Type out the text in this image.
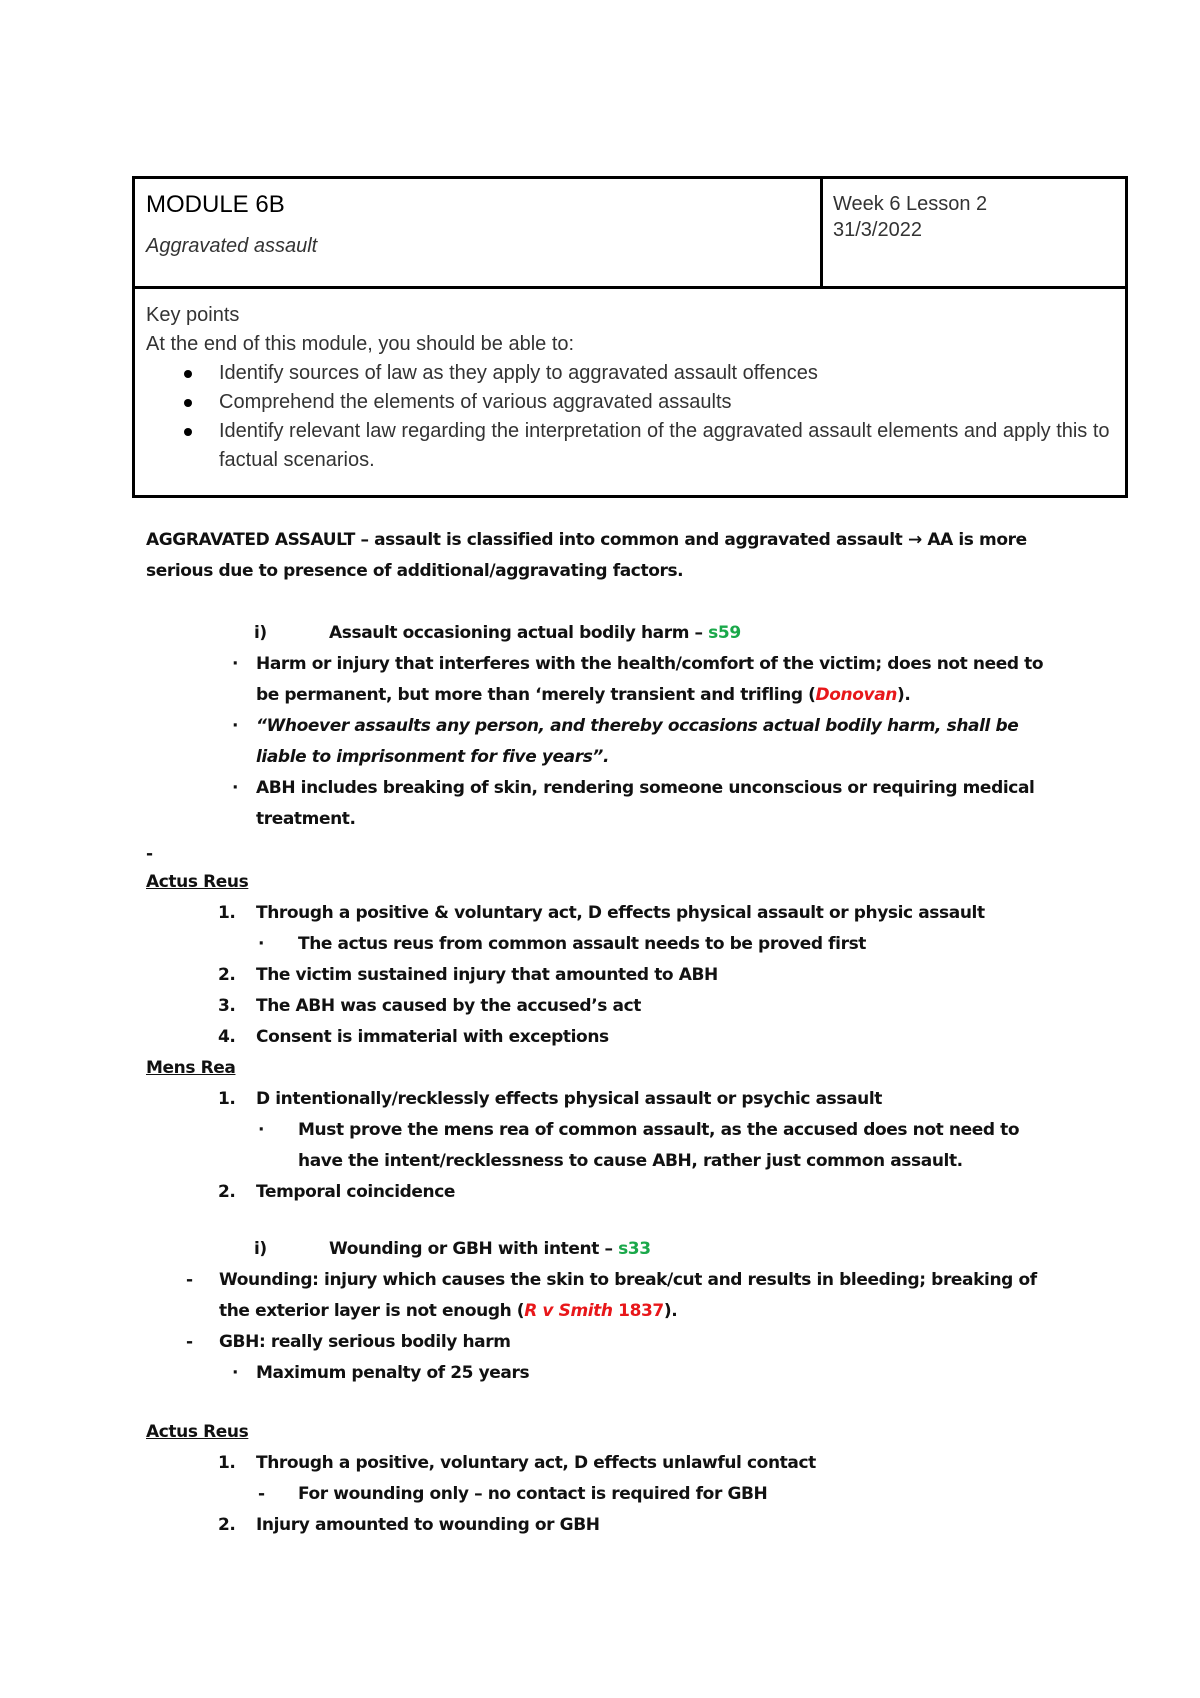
MODULE 6B
Aggravated assault
Week 6 Lesson 2
31/3/2022
Key points
At the end of this module, you should be able to:
Identify sources of law as they apply to aggravated assault offences
Comprehend the elements of various aggravated assaults
Identify relevant law regarding the interpretation of the aggravated assault elements and apply this to factual scenarios.

AGGRAVATED ASSAULT – assault is classified into common and aggravated assault → AA is more serious due to presence of additional/aggravating factors.

i)	Assault occasioning actual bodily harm – s59

· Harm or injury that interferes with the health/comfort of the victim; does not need to be permanent, but more than ‘merely transient and trifling (Donovan).

· “Whoever assaults any person, and thereby occasions actual bodily harm, shall be liable to imprisonment for five years”.

· ABH includes breaking of skin, rendering someone unconscious or requiring medical treatment.

-

Actus Reus

1. Through a positive & voluntary act, D effects physical assault or physic assault

· The actus reus from common assault needs to be proved first

2. The victim sustained injury that amounted to ABH

3. The ABH was caused by the accused’s act

4. Consent is immaterial with exceptions

Mens Rea

1. D intentionally/recklessly effects physical assault or psychic assault

· Must prove the mens rea of common assault, as the accused does not need to have the intent/recklessness to cause ABH, rather just common assault.

2. Temporal coincidence

i)	Wounding or GBH with intent – s33

- Wounding: injury which causes the skin to break/cut and results in bleeding; breaking of the exterior layer is not enough (R v Smith 1837).

- GBH: really serious bodily harm

· Maximum penalty of 25 years

Actus Reus

1. Through a positive, voluntary act, D effects unlawful contact

- For wounding only – no contact is required for GBH

2. Injury amounted to wounding or GBH
